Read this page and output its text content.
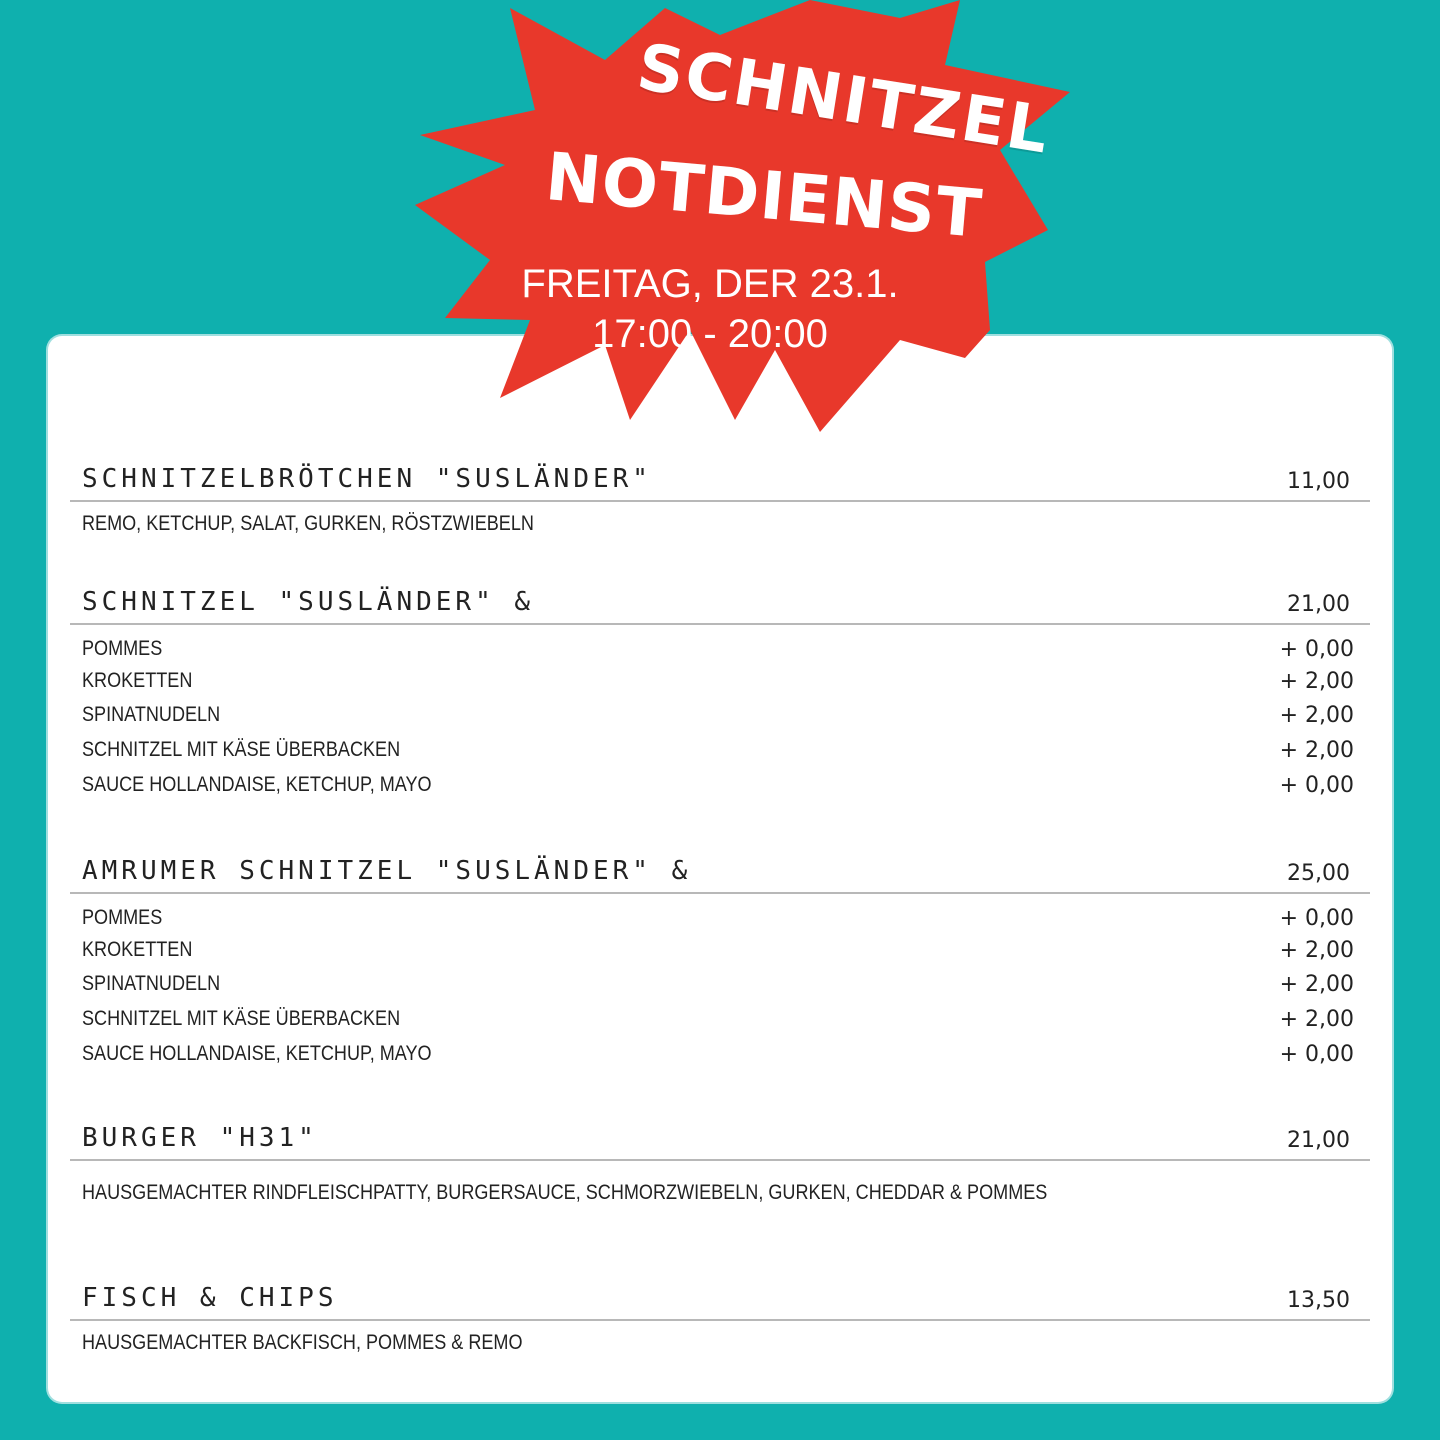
SCHNITZEL
NOTDIENST
FREITAG, DER 23.1.
17:00 - 20:00
SCHNITZELBRÖTCHEN "SUSLÄNDER"	11,00
REMO, KETCHUP, SALAT, GURKEN, RÖSTZWIEBELN
SCHNITZEL "SUSLÄNDER" &	21,00
POMMES	+ 0,00
KROKETTEN	+ 2,00
SPINATNUDELN	+ 2,00
SCHNITZEL MIT KÄSE ÜBERBACKEN	+ 2,00
SAUCE HOLLANDAISE, KETCHUP, MAYO	+ 0,00
AMRUMER SCHNITZEL "SUSLÄNDER" &	25,00
POMMES	+ 0,00
KROKETTEN	+ 2,00
SPINATNUDELN	+ 2,00
SCHNITZEL MIT KÄSE ÜBERBACKEN	+ 2,00
SAUCE HOLLANDAISE, KETCHUP, MAYO	+ 0,00
BURGER "H31"	21,00
HAUSGEMACHTER RINDFLEISCHPATTY, BURGERSAUCE, SCHMORZWIEBELN, GURKEN, CHEDDAR & POMMES
FISCH & CHIPS	13,50
HAUSGEMACHTER BACKFISCH, POMMES & REMO
